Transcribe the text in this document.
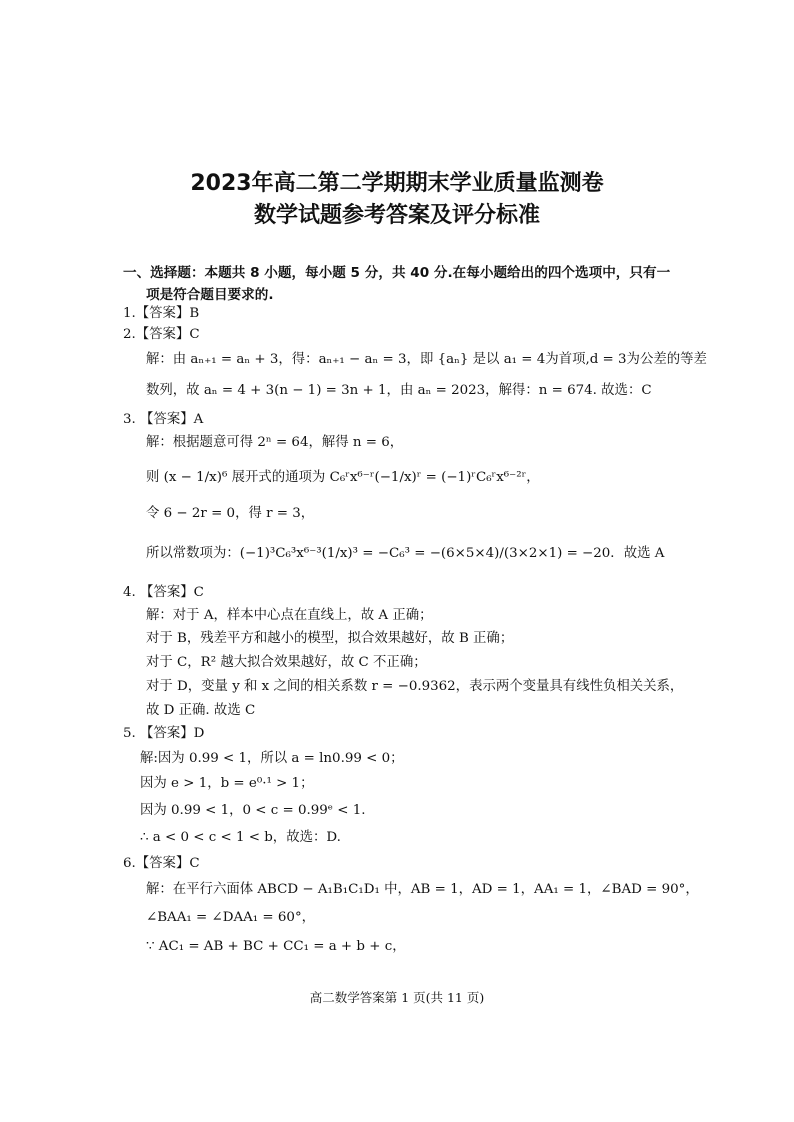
2023年高二第二学期期末学业质量监测卷
数学试题参考答案及评分标准
一、选择题：本题共 8 小题，每小题 5 分，共 40 分.在每小题给出的四个选项中，只有一
项是符合题目要求的.
1.【答案】B
2.【答案】C
解：由 aₙ₊₁ = aₙ + 3，得：aₙ₊₁ − aₙ = 3，即 {aₙ} 是以 a₁ = 4为首项,d = 3为公差的等差
数列，故 aₙ = 4 + 3(n − 1) = 3n + 1，由 aₙ = 2023，解得：n = 674. 故选：C
3. 【答案】A
解：根据题意可得 2ⁿ = 64，解得 n = 6，
则 (x − 1/x)⁶ 展开式的通项为 C₆ʳx⁶⁻ʳ(−1/x)ʳ = (−1)ʳC₆ʳx⁶⁻²ʳ，
令 6 − 2r = 0，得 r = 3，
所以常数项为：(−1)³C₆³x⁶⁻³(1/x)³ = −C₆³ = −(6×5×4)/(3×2×1) = −20．故选 A
4. 【答案】C
解：对于 A，样本中心点在直线上，故 A 正确；
对于 B，残差平方和越小的模型，拟合效果越好，故 B 正确；
对于 C，R² 越大拟合效果越好，故 C 不正确；
对于 D，变量 y 和 x 之间的相关系数 r = −0.9362，表示两个变量具有线性负相关关系，
故 D 正确. 故选 C
5. 【答案】D
解:因为 0.99 < 1，所以 a = ln0.99 < 0；
因为 e > 1，b = e⁰·¹ > 1；
因为 0.99 < 1，0 < c = 0.99ᵉ < 1.
∴ a < 0 < c < 1 < b，故选：D.
6.【答案】C
解：在平行六面体 ABCD − A₁B₁C₁D₁ 中，AB = 1，AD = 1，AA₁ = 1，∠BAD = 90°，
∠BAA₁ = ∠DAA₁ = 60°，
∵ AC₁ = AB + BC + CC₁ = a + b + c，
高二数学答案第 1 页(共 11 页)
